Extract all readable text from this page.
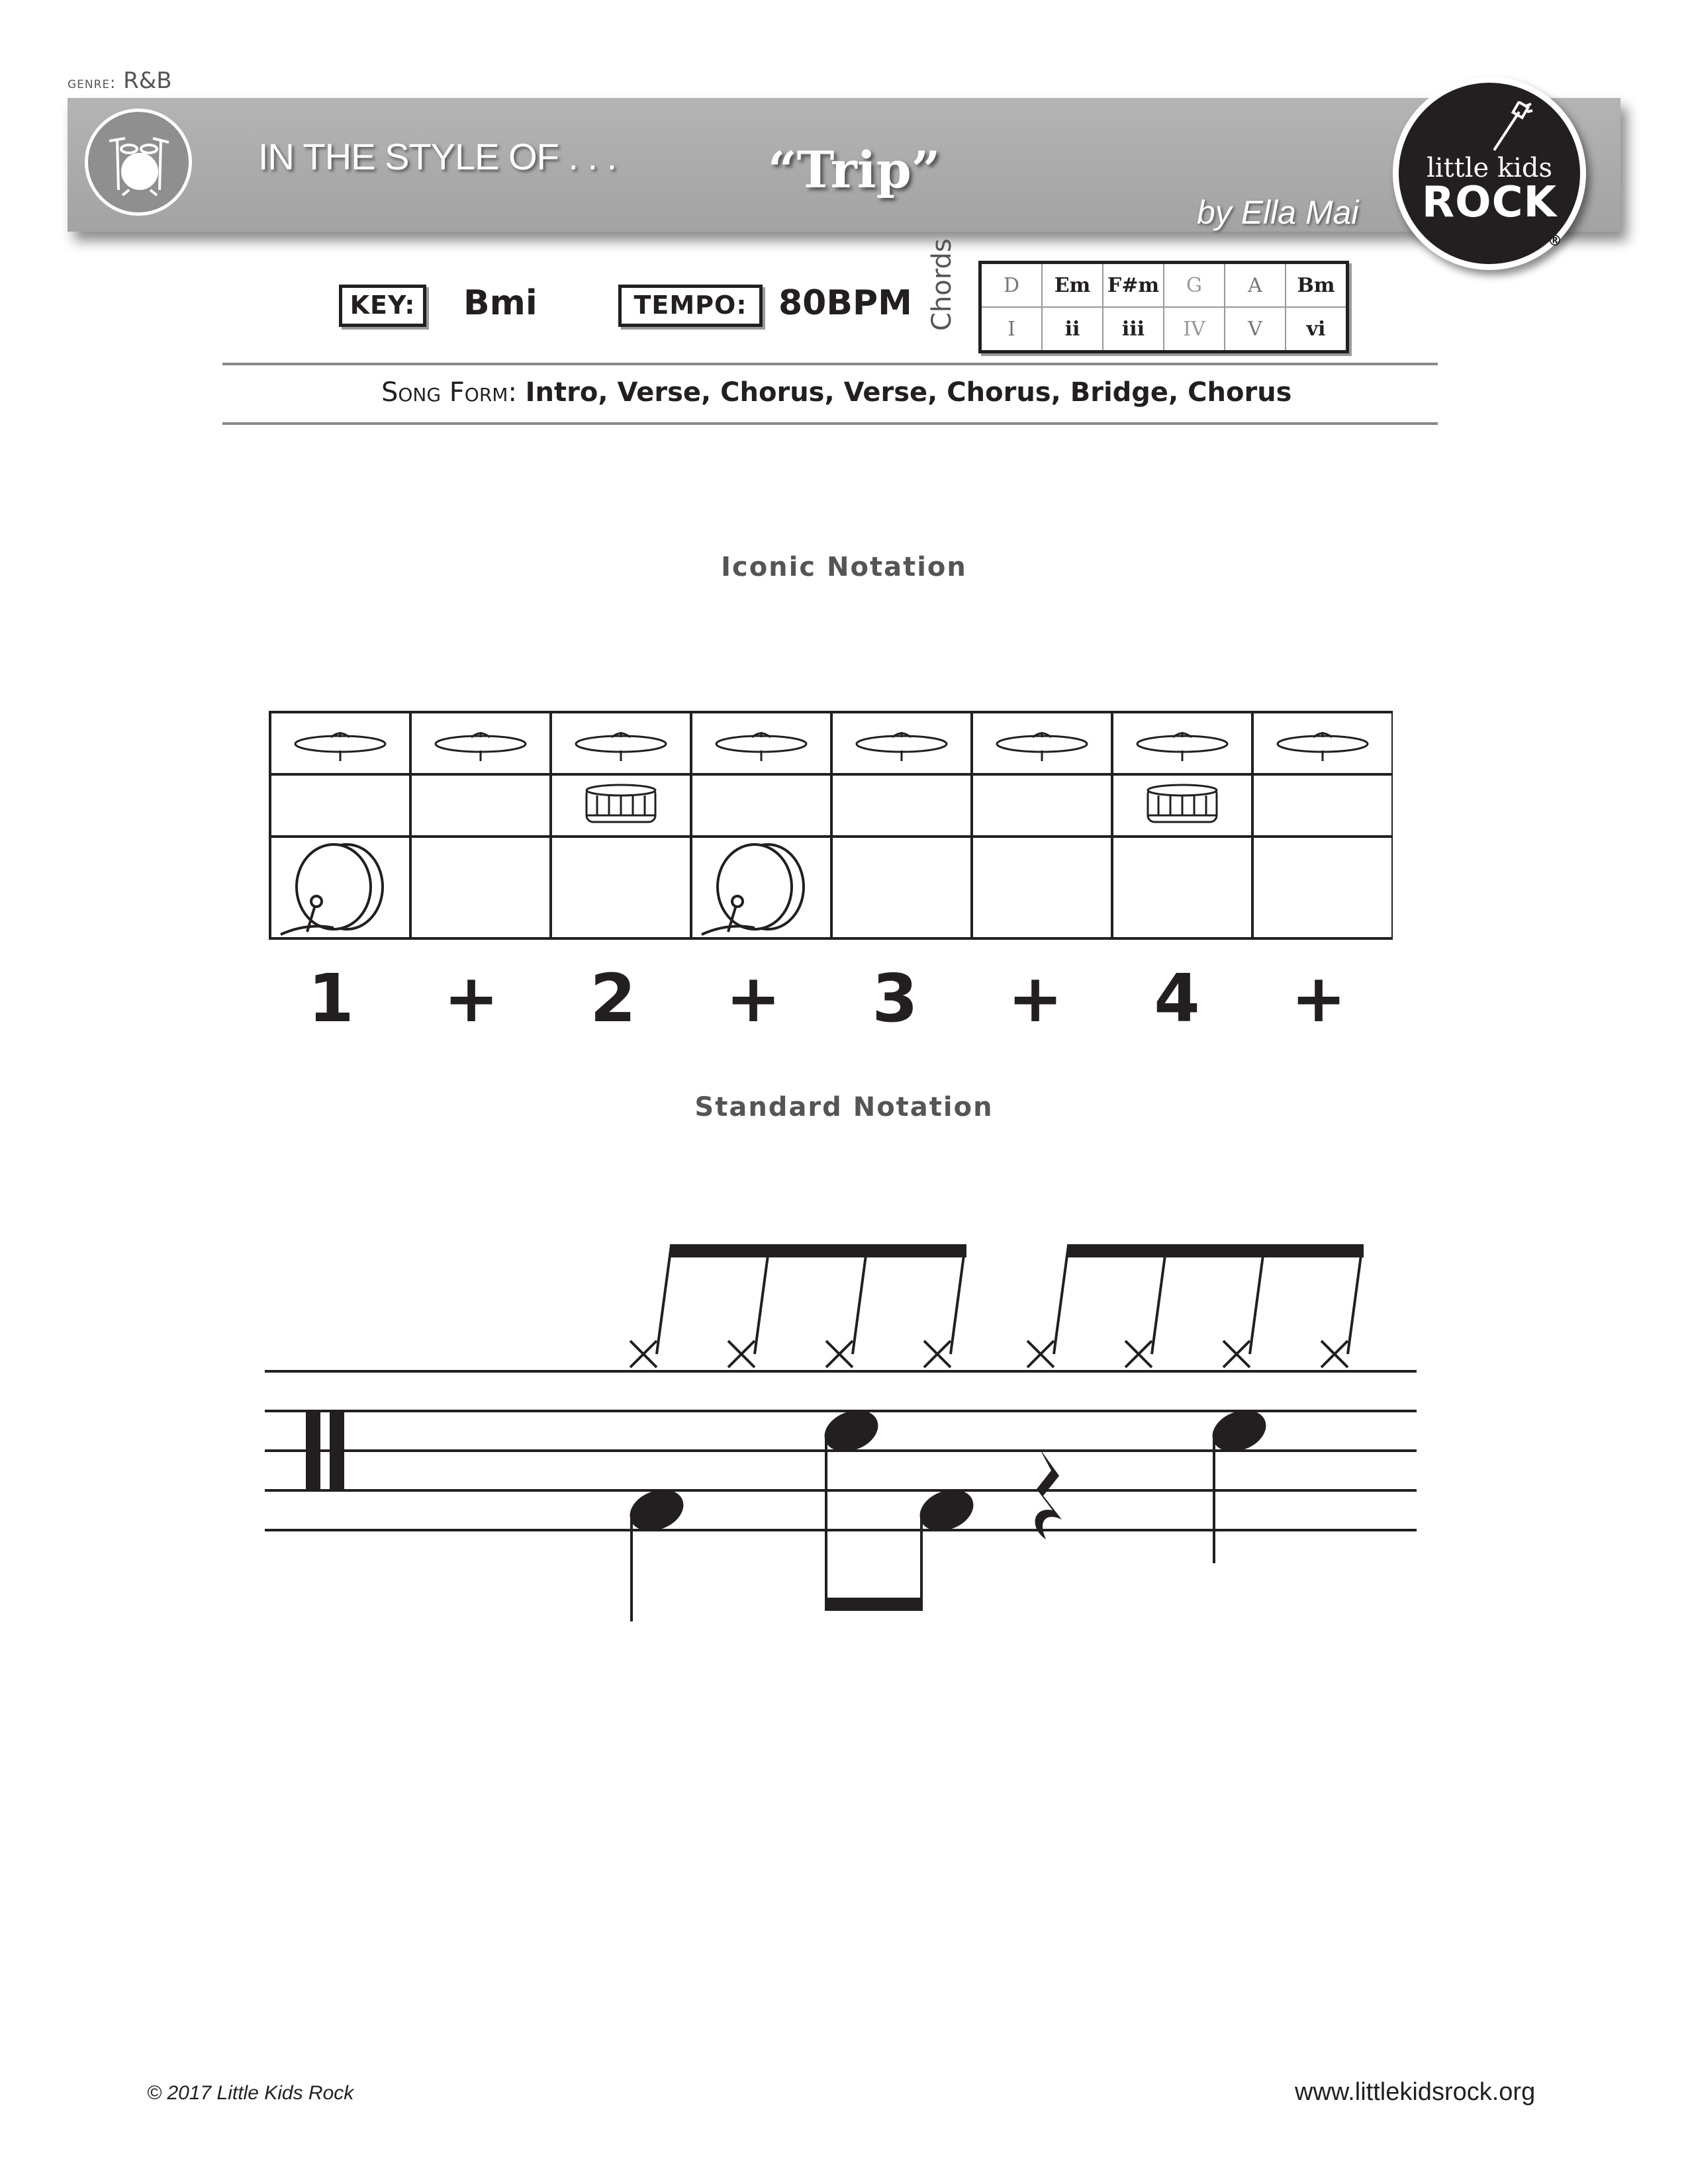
genre: R&B
IN THE STYLE OF . . .	“Trip”
by Ella Mai
little kids
ROCK
®
KEY:	Bmi	TEMPO: 80BPM Chords D	Em	F#m	G	A	Bm
I	ii	iii	IV	V	vi
Song Form: Intro, Verse, Chorus, Verse, Chorus, Bridge, Chorus
Iconic Notation
1 + 2 + 3 + 4 +
Standard Notation
© 2017 Little Kids Rock	www.littlekidsrock.org
